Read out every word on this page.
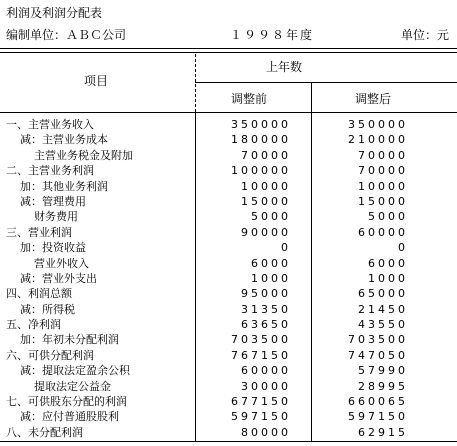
利润及利润分配表
编制单位：ＡＢＣ公司	１９９８年度	单位：元
项目
上年数
调整前	调整后
一、主营业务收入	350000	350000
减：主营业务成本	180000	210000
主营业务税金及附加	70000	70000
二、主营业务利润	100000	70000
加：其他业务利润	10000	10000
减：管理费用	15000	15000
财务费用	5000	5000
三、营业利润	90000	60000
加：投资收益	0	0
营业外收入	6000	6000
减：营业外支出	1000	1000
四、利润总额	95000	65000
减：所得税	31350	21450
五、净利润	63650	43550
加：年初未分配利润	703500	703500
六、可供分配利润	767150	747050
减：提取法定盈余公积	60000	57990
提取法定公益金	30000	28995
七、可供股东分配的利润	677150	660065
减：应付普通股股利	597150	597150
八、未分配利润	80000	62915
